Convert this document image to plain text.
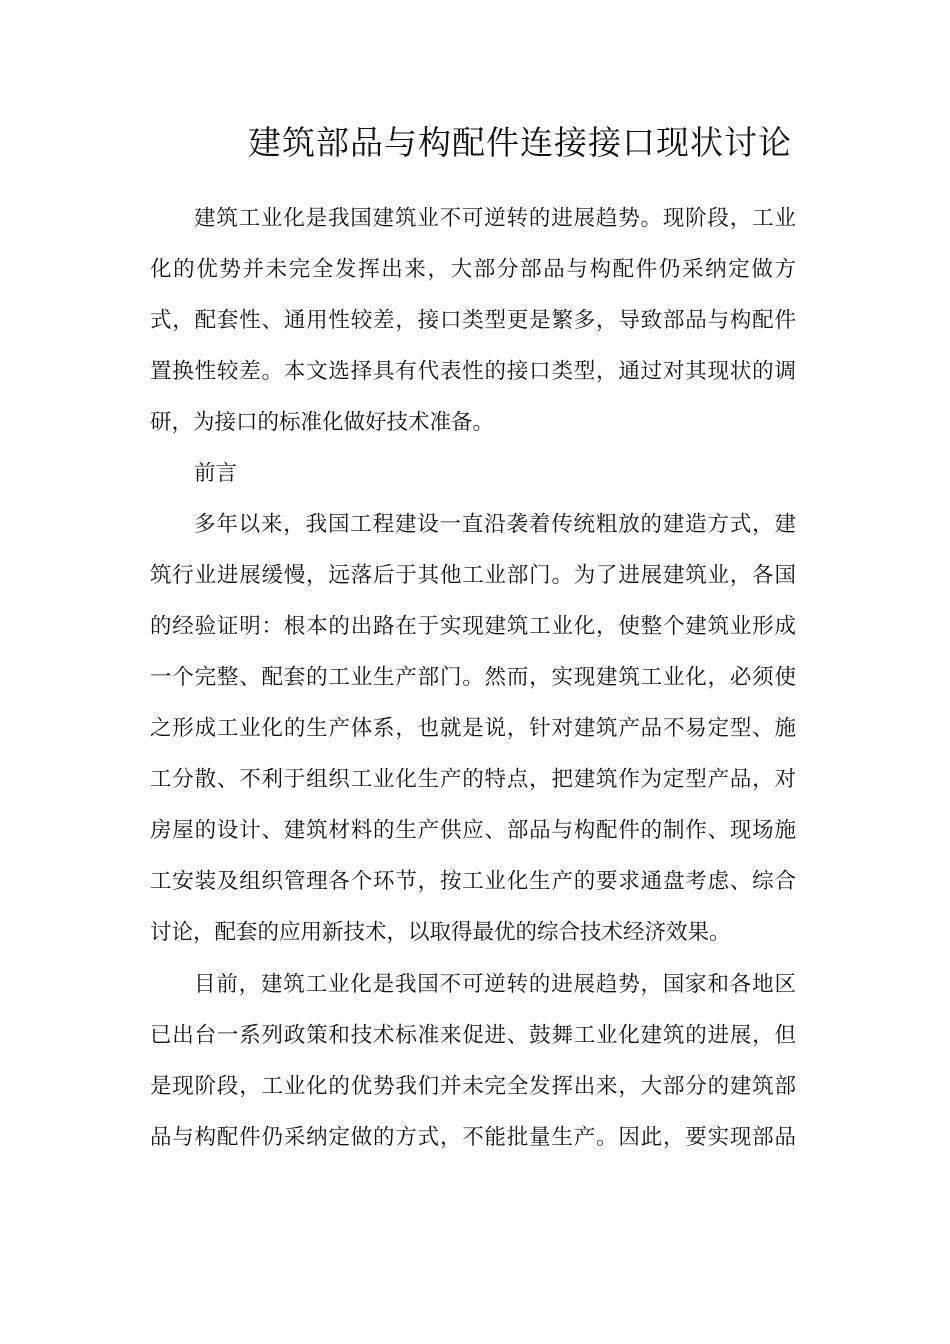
建筑部品与构配件连接接口现状讨论
建筑工业化是我国建筑业不可逆转的进展趋势。现阶段，工业
化的优势并未完全发挥出来，大部分部品与构配件仍采纳定做方
式，配套性、通用性较差，接口类型更是繁多，导致部品与构配件
置换性较差。本文选择具有代表性的接口类型，通过对其现状的调
研，为接口的标准化做好技术准备。
前言
多年以来，我国工程建设一直沿袭着传统粗放的建造方式，建
筑行业进展缓慢，远落后于其他工业部门。为了进展建筑业，各国
的经验证明：根本的出路在于实现建筑工业化，使整个建筑业形成
一个完整、配套的工业生产部门。然而，实现建筑工业化，必须使
之形成工业化的生产体系，也就是说，针对建筑产品不易定型、施
工分散、不利于组织工业化生产的特点，把建筑作为定型产品，对
房屋的设计、建筑材料的生产供应、部品与构配件的制作、现场施
工安装及组织管理各个环节，按工业化生产的要求通盘考虑、综合
讨论，配套的应用新技术，以取得最优的综合技术经济效果。
目前，建筑工业化是我国不可逆转的进展趋势，国家和各地区
已出台一系列政策和技术标准来促进、鼓舞工业化建筑的进展，但
是现阶段，工业化的优势我们并未完全发挥出来，大部分的建筑部
品与构配件仍采纳定做的方式，不能批量生产。因此，要实现部品
